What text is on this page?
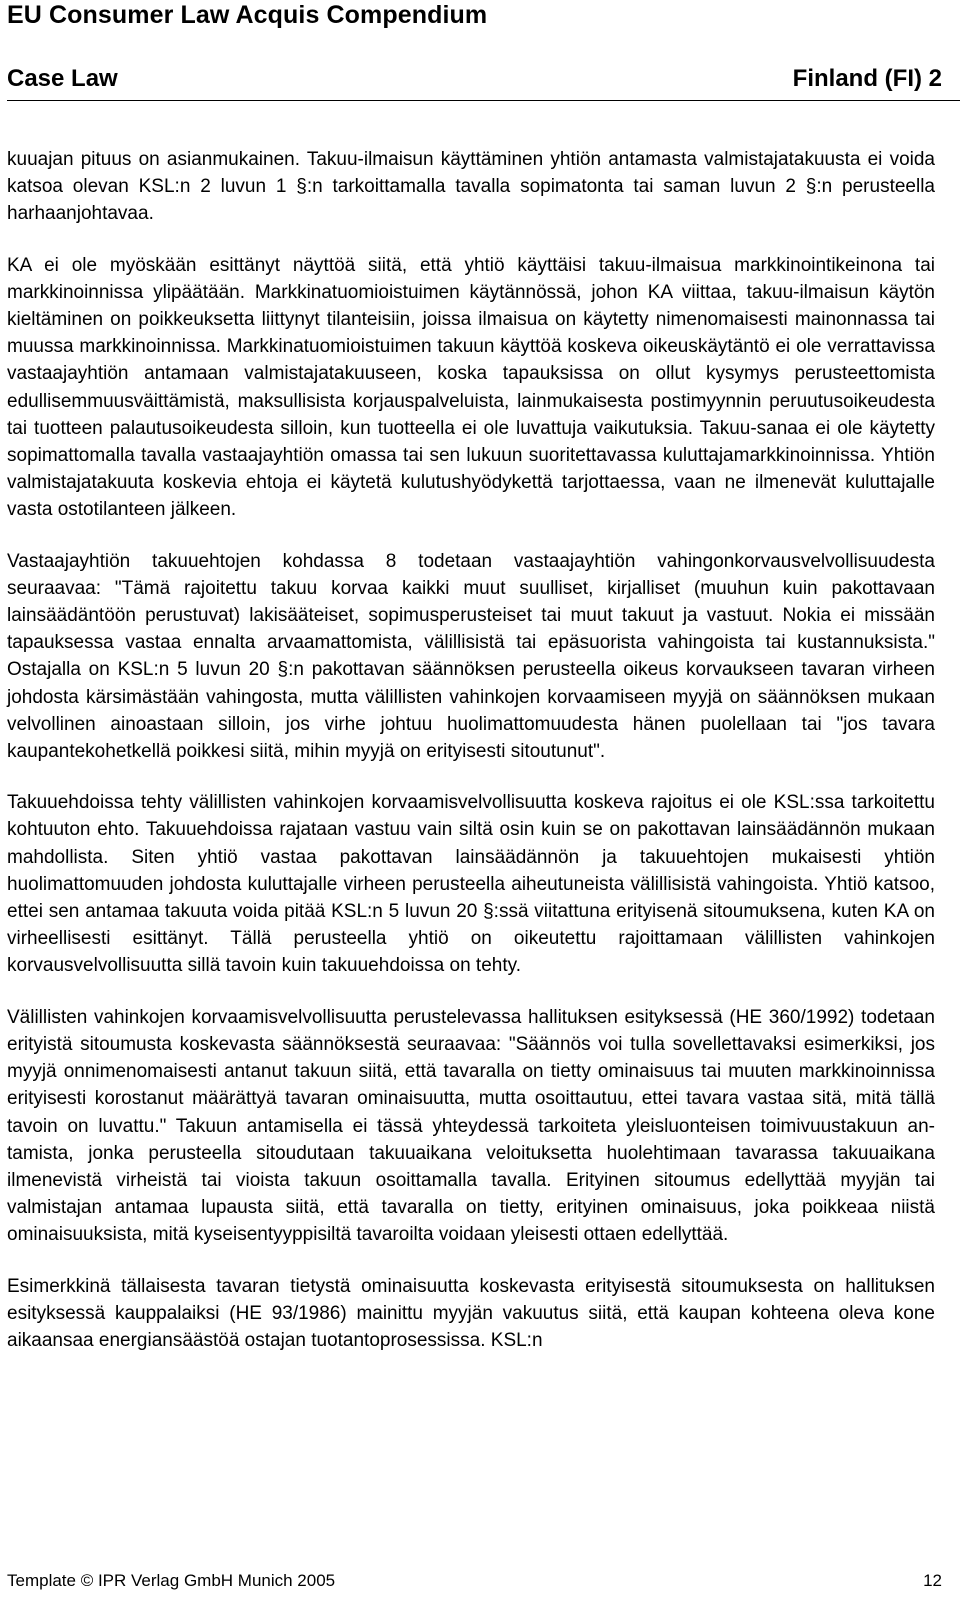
EU Consumer Law Acquis Compendium
Case Law	Finland (FI) 2

kuuajan pituus on asianmukainen. Takuu-ilmaisun käyttäminen yhtiön antamasta valmistajatakuusta ei voida katsoa olevan KSL:n 2 luvun 1 §:n tarkoittamalla tavalla sopimatonta tai saman luvun 2 §:n perusteella harhaanjohtavaa.

KA ei ole myöskään esittänyt näyttöä siitä, että yhtiö käyttäisi takuu-ilmaisua markkinointikeinona tai markkinoinnissa ylipäätään. Markkinatuomioistuimen käytännössä, johon KA viittaa, takuu-ilmaisun käytön kieltäminen on poikkeuksetta liittynyt tilanteisiin, joissa ilmaisua on käytetty nimenomaisesti mainonnassa tai muussa markkinoinnissa. Markkinatuomioistuimen takuun käyttöä koskeva oikeuskäytäntö ei ole verrattavissa vastaajayhtiön antamaan valmistajatakuuseen, koska tapauksissa on ollut kysymys perusteettomista edullisemmuusväittämistä, maksullisista korjauspalveluista, lainmukaisesta postimyynnin peruutusoikeudesta tai tuotteen palautusoikeudesta silloin, kun tuotteella ei ole luvattuja vaikutuksia. Takuu-sanaa ei ole käytetty sopimattomalla tavalla vastaajayhtiön omassa tai sen lukuun suoritettavassa kuluttajamarkkinoinnissa. Yhtiön valmistajatakuuta koskevia ehtoja ei käytetä kulutushyödykettä tarjottaessa, vaan ne ilmenevät kuluttajalle vasta ostotilanteen jälkeen.

Vastaajayhtiön takuuehtojen kohdassa 8 todetaan vastaajayhtiön vahingonkorvausvelvollisuudesta seuraavaa: "Tämä rajoitettu takuu korvaa kaikki muut suulliset, kirjalliset (muuhun kuin pakottavaan lainsäädäntöön perustuvat) lakisääteiset, sopimusperusteiset tai muut takuut ja vastuut. Nokia ei missään tapauksessa vastaa ennalta arvaamattomista, välillisistä tai epäsuorista vahingoista tai kustannuksista." Ostajalla on KSL:n 5 luvun 20 §:n pakottavan säännöksen perusteella oikeus korvaukseen tavaran virheen johdosta kärsimästään vahingosta, mutta välillisten vahinkojen korvaamiseen myyjä on säännöksen mukaan velvollinen ainoastaan silloin, jos virhe johtuu huolimattomuudesta hänen puolellaan tai "jos tavara kaupantekohetkellä poikkesi siitä, mihin myyjä on erityisesti sitoutunut".

Takuuehdoissa tehty välillisten vahinkojen korvaamisvelvollisuutta koskeva rajoitus ei ole KSL:ssa tarkoitettu kohtuuton ehto. Takuuehdoissa rajataan vastuu vain siltä osin kuin se on pakottavan lainsäädännön mukaan mahdollista. Siten yhtiö vastaa pakottavan lainsäädännön ja takuuehtojen mukaisesti yhtiön huolimattomuuden johdosta kuluttajalle virheen perusteella aiheutuneista välillisistä vahingoista. Yhtiö katsoo, ettei sen antamaa takuuta voida pitää KSL:n 5 luvun 20 §:ssä viitattuna erityisenä sitoumuksena, kuten KA on virheellisesti esittänyt. Tällä perusteella yhtiö on oikeutettu rajoittamaan välillisten vahinkojen korvausvelvollisuutta sillä tavoin kuin takuuehdoissa on tehty.

Välillisten vahinkojen korvaamisvelvollisuutta perustelevassa hallituksen esityksessä (HE 360/1992) todetaan erityistä sitoumusta koskevasta säännöksestä seuraavaa: "Säännös voi tulla sovellettavaksi esimerkiksi, jos myyjä onnimenomaisesti antanut takuun siitä, että tavaralla on tietty ominaisuus tai muuten markkinoinnissa erityisesti korostanut määrättyä tavaran ominaisuutta, mutta osoittautuu, ettei tavara vastaa sitä, mitä tällä tavoin on luvattu." Takuun antamisella ei tässä yhteydessä tarkoiteta yleisluonteisen toimivuustakuun antamista, jonka perusteella sitoudutaan takuuaikana veloituksetta huolehtimaan tavarassa takuuaikana ilmenevistä virheistä tai vioista takuun osoittamalla tavalla. Erityinen sitoumus edellyttää myyjän tai valmistajan antamaa lupausta siitä, että tavaralla on tietty, erityinen ominaisuus, joka poikkeaa niistä ominaisuuksista, mitä kyseisentyyppisiltä tavaroilta voidaan yleisesti ottaen edellyttää.

Esimerkkinä tällaisesta tavaran tietystä ominaisuutta koskevasta erityisestä sitoumuksesta on hallituksen esityksessä kauppalaiksi (HE 93/1986) mainittu myyjän vakuutus siitä, että kaupan kohteena oleva kone aikaansaa energiansäästöä ostajan tuotantoprosessissa. KSL:n

Template © IPR Verlag GmbH Munich 2005	12
